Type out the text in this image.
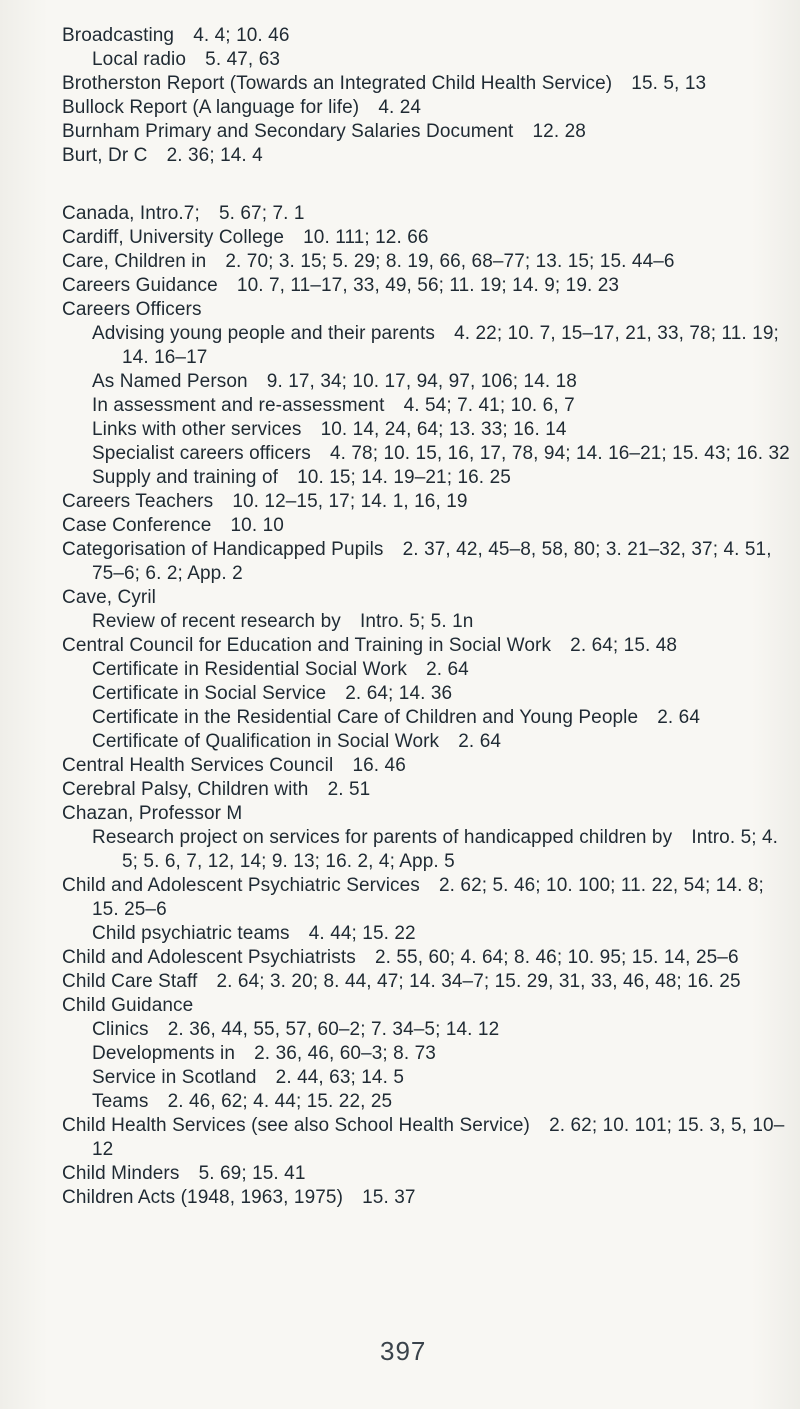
Broadcasting  4. 4; 10. 46
Local radio  5. 47, 63
Brotherston Report (Towards an Integrated Child Health Service)  15. 5, 13
Bullock Report (A language for life)  4. 24
Burnham Primary and Secondary Salaries Document  12. 28
Burt, Dr C  2. 36; 14. 4
Canada, Intro.7;  5. 67; 7. 1
Cardiff, University College  10. 111; 12. 66
Care, Children in  2. 70; 3. 15; 5. 29; 8. 19, 66, 68–77; 13. 15; 15. 44–6
Careers Guidance  10. 7, 11–17, 33, 49, 56; 11. 19; 14. 9; 19. 23
Careers Officers
Advising young people and their parents  4. 22; 10. 7, 15–17, 21, 33, 78; 11. 19; 14. 16–17
As Named Person  9. 17, 34; 10. 17, 94, 97, 106; 14. 18
In assessment and re-assessment  4. 54; 7. 41; 10. 6, 7
Links with other services  10. 14, 24, 64; 13. 33; 16. 14
Specialist careers officers  4. 78; 10. 15, 16, 17, 78, 94; 14. 16–21; 15. 43; 16. 32
Supply and training of  10. 15; 14. 19–21; 16. 25
Careers Teachers  10. 12–15, 17; 14. 1, 16, 19
Case Conference  10. 10
Categorisation of Handicapped Pupils  2. 37, 42, 45–8, 58, 80; 3. 21–32, 37; 4. 51, 75–6; 6. 2; App. 2
Cave, Cyril
Review of recent research by  Intro. 5; 5. 1n
Central Council for Education and Training in Social Work  2. 64; 15. 48
Certificate in Residential Social Work  2. 64
Certificate in Social Service  2. 64; 14. 36
Certificate in the Residential Care of Children and Young People  2. 64
Certificate of Qualification in Social Work  2. 64
Central Health Services Council  16. 46
Cerebral Palsy, Children with  2. 51
Chazan, Professor M
Research project on services for parents of handicapped children by  Intro. 5; 4. 5; 5. 6, 7, 12, 14; 9. 13; 16. 2, 4; App. 5
Child and Adolescent Psychiatric Services  2. 62; 5. 46; 10. 100; 11. 22, 54; 14. 8; 15. 25–6
Child psychiatric teams  4. 44; 15. 22
Child and Adolescent Psychiatrists  2. 55, 60; 4. 64; 8. 46; 10. 95; 15. 14, 25–6
Child Care Staff  2. 64; 3. 20; 8. 44, 47; 14. 34–7; 15. 29, 31, 33, 46, 48; 16. 25
Child Guidance
Clinics  2. 36, 44, 55, 57, 60–2; 7. 34–5; 14. 12
Developments in  2. 36, 46, 60–3; 8. 73
Service in Scotland  2. 44, 63; 14. 5
Teams  2. 46, 62; 4. 44; 15. 22, 25
Child Health Services (see also School Health Service)  2. 62; 10. 101; 15. 3, 5, 10–12
Child Minders  5. 69; 15. 41
Children Acts (1948, 1963, 1975)  15. 37
397
